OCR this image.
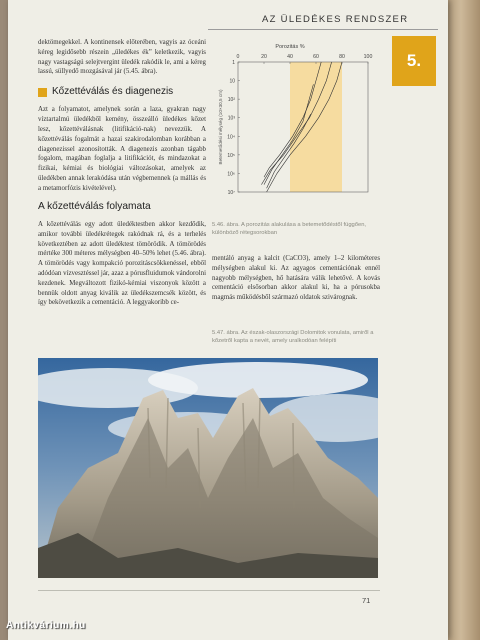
AZ ÜLEDÉKES RENDSZER
5.

dektömegekkel. A kontinensek előterében, vagyis az óceáni kéreg legidősebb részein „üledékes ék” keletkezik, vagyis nagy vastagságú selejtvergint üledék rakódik le, ami a kéreg lassú, süllyedő mozgásával jár (5.45. ábra).

Kőzettéválás és diagenezis

Azt a folyamatot, amelynek során a laza, gyakran nagy víztartalmú üledékből kemény, összeálló üledékes kőzet lesz, kőzettéválásnak (litifikáció-nak) nevezzük. A kőzettéválás fogalmát a hazai szakirodalomban korábban a diagenezissel azonosították. A diagenezis azonban tágabb fogalom, magában foglalja a litifikációt, és mindazokat a fizikai, kémiai és biológiai változásokat, amelyek az üledékben annak lerakódása után végbemennek (a mállás és a metamorfózis kivételével).

A kőzettéválás folyamata

A kőzettéválás egy adott üledéktestben akkor kezdődik, amikor további üledékrétegek rakódnak rá, és a terhelés következtében az adott üledéktest tömörödik. A tömörödés mértéke 300 méteres mélységben 40–50% lehet (5.46. ábra). A tömörödés vagy kompakció porozitáscsökkenéssel, ebből adódóan vízvesztéssel jár, azaz a pórusfluidumok vándorolni kezdenek. Megváltozott fizikó-kémiai viszonyok között a bennük oldott anyag kiválik az üledékszemcsék között, és így bekövetkezik a cementáció. A leggyakoribb ce-

Porozitás %
0	20	40	60	80	100
1
10
10²
10³
10⁴
10⁵
10⁶
10⁷
Betemetődési mélység (10×30,5 cm)
5.46. ábra. A porozitás alakulása a betemetődéstől függően, különböző rétegsorokban
mentáló anyag a kalcit (CaCO3), amely 1–2 kilométeres mélységben alakul ki. Az agyagos cementációnak ennél nagyobb mélységben, hő hatására válik lehetővé. A kovás cementáció elsősorban akkor alakul ki, ha a pórusokba magmás működésből származó oldatok szivárognak.
5.47. ábra. Az észak-olaszországi Dolomitok vonulata, amiről a kőzetről kapta a nevét, amely uralkodóan felépíti
71
Antikvárium.hu
